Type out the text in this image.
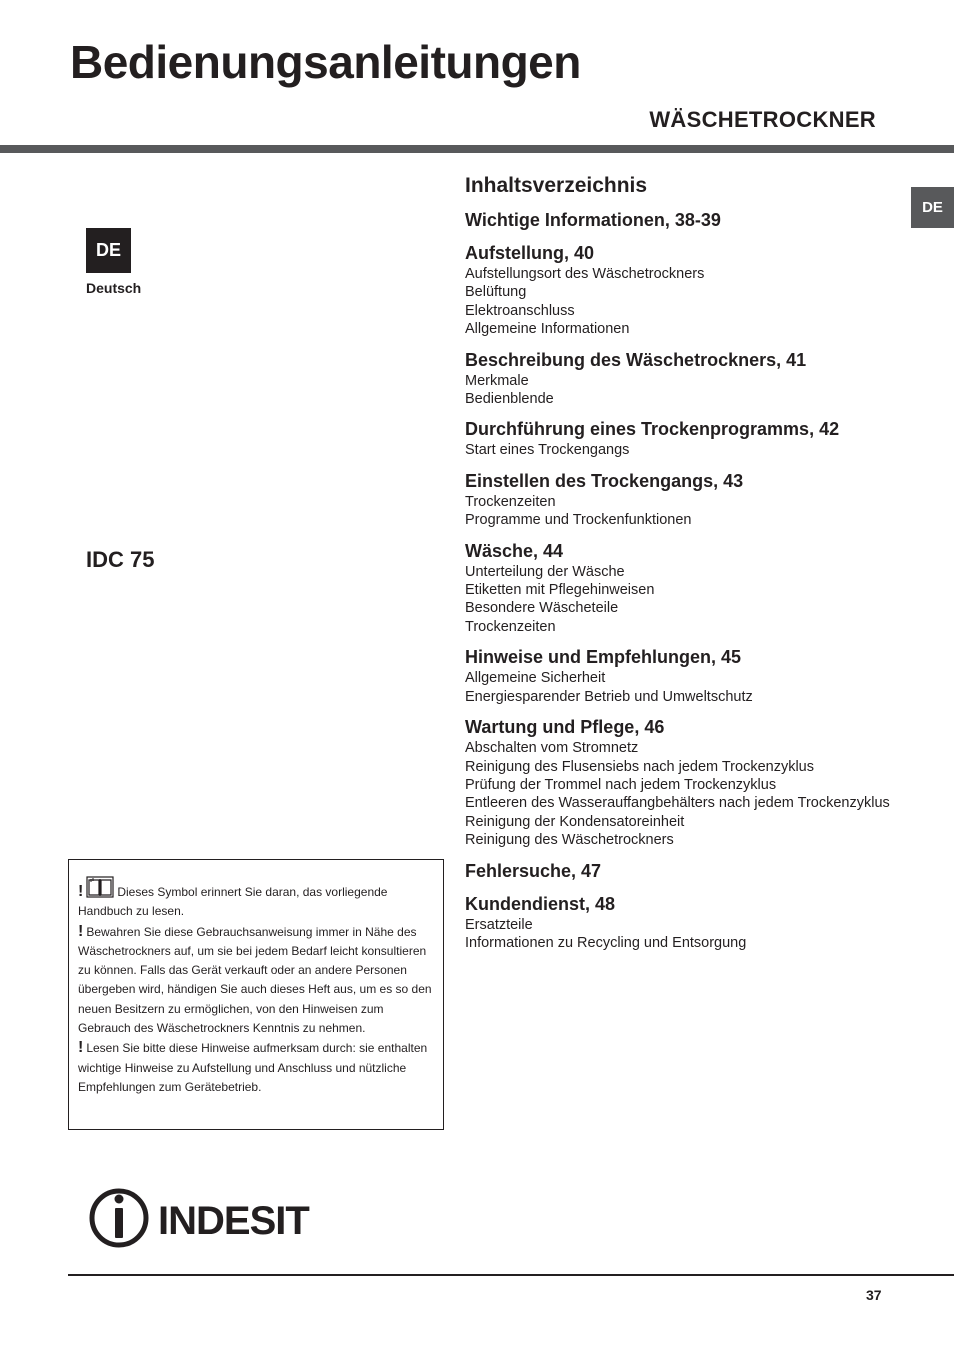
Bedienungsanleitungen
WÄSCHETROCKNER
DE
Deutsch
DE
IDC 75
Inhaltsverzeichnis
Wichtige Informationen, 38-39
Aufstellung, 40
Aufstellungsort des Wäschetrockners
Belüftung
Elektroanschluss
Allgemeine Informationen
Beschreibung des Wäschetrockners, 41
Merkmale
Bedienblende
Durchführung eines Trockenprogramms, 42
Start eines Trockengangs
Einstellen des Trockengangs, 43
Trockenzeiten
Programme und Trockenfunktionen
Wäsche, 44
Unterteilung der Wäsche
Etiketten mit Pflegehinweisen
Besondere Wäscheteile
Trockenzeiten
Hinweise und Empfehlungen, 45
Allgemeine Sicherheit
Energiesparender Betrieb und Umweltschutz
Wartung und Pflege, 46
Abschalten vom Stromnetz
Reinigung des Flusensiebs nach jedem Trockenzyklus
Prüfung der Trommel nach jedem Trockenzyklus
Entleeren des Wasserauffangbehälters nach jedem Trockenzyklus
Reinigung der Kondensatoreinheit
Reinigung des Wäschetrockners
Fehlersuche, 47
Kundendienst, 48
Ersatzteile
Informationen zu Recycling und Entsorgung

!	Dieses Symbol erinnert Sie daran, das vorliegende Handbuch zu lesen.

! Bewahren Sie diese Gebrauchsanweisung immer in Nähe des Wäschetrockners auf, um sie bei jedem Bedarf leicht konsultieren zu können. Falls das Gerät verkauft oder an andere Personen übergeben wird, händigen Sie auch dieses Heft aus, um es so den neuen Besitzern zu ermöglichen, von den Hinweisen zum Gebrauch des Wäschetrockners Kenntnis zu nehmen.

! Lesen Sie bitte diese Hinweise aufmerksam durch: sie enthalten wichtige Hinweise zu Aufstellung und Anschluss und nützliche Empfehlungen zum Gerätebetrieb.

INDESIT
37
